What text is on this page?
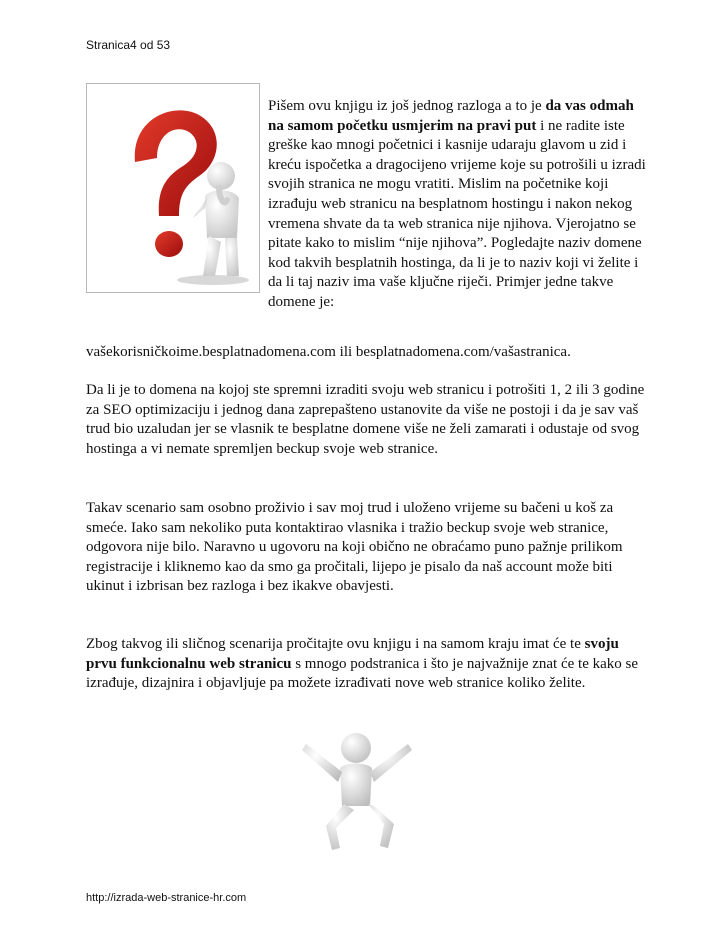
Stranica4 od 53

Pišem ovu knjigu iz još jednog razloga a to je da vas odmah na samom početku usmjerim na pravi put i ne radite iste greške kao mnogi početnici i kasnije udaraju glavom u zid i kreću ispočetka a dragocijeno vrijeme koje su potrošili u izradi svojih stranica ne mogu vratiti. Mislim na početnike koji izrađuju web stranicu na besplatnom hostingu i nakon nekog vremena shvate da ta web stranica nije njihova. Vjerojatno se pitate kako to mislim “nije njihova”. Pogledajte naziv domene kod takvih besplatnih hostinga, da li je to naziv koji vi želite i da li taj naziv ima vaše ključne riječi. Primjer jedne takve domene je:

vašekorisničkoime.besplatnadomena.com ili besplatnadomena.com/vašastranica.

Da li je to domena na kojoj ste spremni izraditi svoju web stranicu i potrošiti 1, 2 ili 3 godine za SEO optimizaciju i jednog dana zaprepašteno ustanovite da više ne postoji i da je sav vaš trud bio uzaludan jer se vlasnik te besplatne domene više ne želi zamarati i odustaje od svog hostinga a vi nemate spremljen beckup svoje web stranice.

Takav scenario sam osobno proživio i sav moj trud i uloženo vrijeme su bačeni u koš za smeće. Iako sam nekoliko puta kontaktirao vlasnika i tražio beckup svoje web stranice, odgovora nije bilo. Naravno u ugovoru na koji obično ne obraćamo puno pažnje prilikom registracije i kliknemo kao da smo ga pročitali, lijepo je pisalo da naš account može biti ukinut i izbrisan bez razloga i bez ikakve obavjesti.

Zbog takvog ili sličnog scenarija pročitajte ovu knjigu i na samom kraju imat će te svoju prvu funkcionalnu web stranicu s mnogo podstranica i što je najvažnije znat će te kako se izrađuje, dizajnira i objavljuje pa možete izrađivati nove web stranice koliko želite.

http://izrada-web-stranice-hr.com
